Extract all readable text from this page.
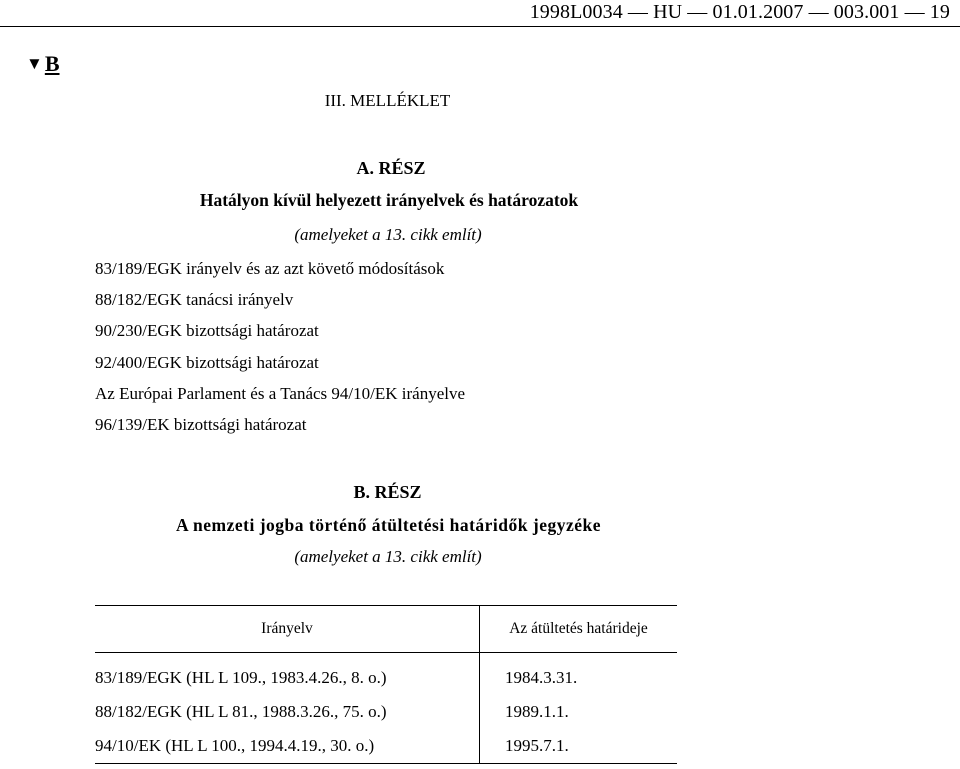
1998L0034 — HU — 01.01.2007 — 003.001 — 19
▼B
III. MELLÉKLET
A. RÉSZ
Hatályon kívül helyezett irányelvek és határozatok
(amelyeket a 13. cikk említ)
83/189/EGK irányelv és az azt követő módosítások
88/182/EGK tanácsi irányelv
90/230/EGK bizottsági határozat
92/400/EGK bizottsági határozat
Az Európai Parlament és a Tanács 94/10/EK irányelve
96/139/EK bizottsági határozat
B. RÉSZ
A nemzeti jogba történő átültetési határidők jegyzéke
(amelyeket a 13. cikk említ)
Irányelv	Az átültetés határideje
83/189/EGK (HL L 109., 1983.4.26., 8. o.)	1984.3.31.
88/182/EGK (HL L 81., 1988.3.26., 75. o.)	1989.1.1.
94/10/EK (HL L 100., 1994.4.19., 30. o.)	1995.7.1.
